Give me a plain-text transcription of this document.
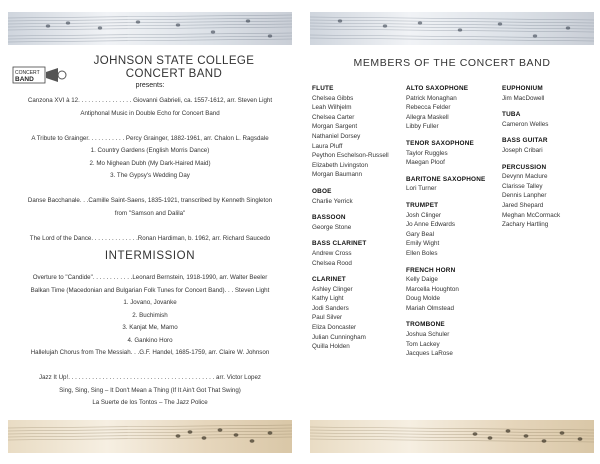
CONCERT
BAND
JOHNSON STATE COLLEGE
CONCERT BAND
presents:
Canzona XVI à 12. . . . . . . . . . . . . . . . Giovanni Gabrieli, ca. 1557-1612, arr. Steven Light
Antiphonal Music in Double Echo for Concert Band

A Tribute to Grainger. . . . . . . . . . . Percy Grainger, 1882-1961, arr. Chalon L. Ragsdale
1. Country Gardens (English Morris Dance)
2. Mo Nighean Dubh (My Dark-Haired Maid)
3. The Gypsy's Wedding Day

Danse Bacchanale. . .Camille Saint-Saens, 1835-1921, transcribed by Kenneth Singleton
from "Samson and Dalila"

The Lord of the Dance. . . . . . . . . . . . . .Ronan Hardiman, b. 1962, arr. Richard Saucedo
INTERMISSION
Overture to "Candide". . . . . . . . . . . .Leonard Bernstein, 1918-1990, arr. Walter Beeler
Balkan Time (Macedonian and Bulgarian Folk Tunes for Concert Band). . . Steven Light
1. Jovano, Jovanke
2. Buchimish
3. Kanjat Me, Mamo
4. Gankino Horo
Hallelujah Chorus from The Messiah. . .G.F. Handel, 1685-1759, arr. Claire W. Johnson

Jazz It Up!. . . . . . . . . . . . . . . . . . . . . . . . . . . . . . . . . . . . . . . . . . . arr. Victor Lopez
Sing, Sing, Sing – It Don't Mean a Thing (If It Ain't Got That Swing)
La Suerte de los Tontos – The Jazz Police
MEMBERS OF THE CONCERT BAND
FLUTE
Chelsea Gibbs
Leah Wilhjelm
Chelsea Carter
Morgan Sargent
Nathaniel Dorsey
Laura Pluff
Peython Eschelson-Russell
Elizabeth Livingston
Morgan Baumann
OBOE
Charlie Yerrick
BASSOON
George Stone
BASS CLARINET
Andrew Cross
Chelsea Rood
CLARINET
Ashley Clinger
Kathy Light
Jodi Sanders
Paul Silver
Eliza Doncaster
Julian Cunningham
Quilla Holden
ALTO SAXOPHONE
Patrick Monaghan
Rebecca Felder
Allegra Maskell
Libby Fuller
TENOR SAXOPHONE
Taylor Ruggles
Maegan Ploof
BARITONE SAXOPHONE
Lori Turner
TRUMPET
Josh Clinger
Jo Anne Edwards
Gary Beal
Emily Wight
Ellen Boles
FRENCH HORN
Kelly Daige
Marcella Houghton
Doug Molde
Mariah Olmstead
TROMBONE
Joshua Schuler
Tom Lackey
Jacques LaRose
EUPHONIUM
Jim MacDowell
TUBA
Cameron Welles
BASS GUITAR
Joseph Cribari
PERCUSSION
Devynn Maclure
Clarisse Talley
Dennis Lanpher
Jared Shepard
Meghan McCormack
Zachary Hartling
